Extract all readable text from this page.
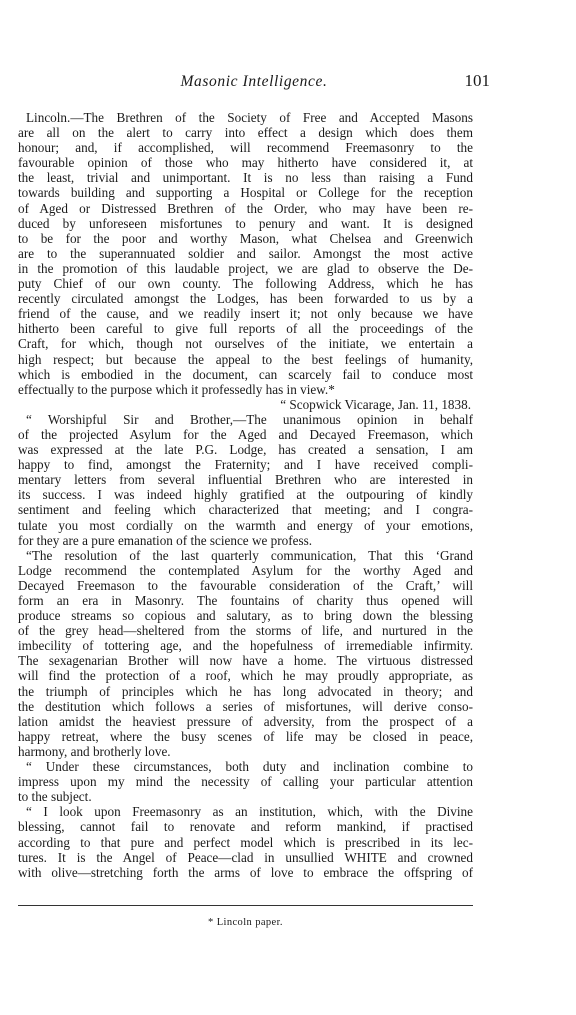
Masonic Intelligence.	101
Lincoln.—The Brethren of the Society of Free and Accepted Masons
are all on the alert to carry into effect a design which does them
honour; and, if accomplished, will recommend Freemasonry to the
favourable opinion of those who may hitherto have considered it, at
the least, trivial and unimportant. It is no less than raising a Fund
towards building and supporting a Hospital or College for the reception
of Aged or Distressed Brethren of the Order, who may have been re-
duced by unforeseen misfortunes to penury and want. It is designed
to be for the poor and worthy Mason, what Chelsea and Greenwich
are to the superannuated soldier and sailor. Amongst the most active
in the promotion of this laudable project, we are glad to observe the De-
puty Chief of our own county. The following Address, which he has
recently circulated amongst the Lodges, has been forwarded to us by a
friend of the cause, and we readily insert it; not only because we have
hitherto been careful to give full reports of all the proceedings of the
Craft, for which, though not ourselves of the initiate, we entertain a
high respect; but because the appeal to the best feelings of humanity,
which is embodied in the document, can scarcely fail to conduce most
effectually to the purpose which it professedly has in view.*
“ Scopwick Vicarage, Jan. 11, 1838.
“ Worshipful Sir and Brother,—The unanimous opinion in behalf
of the projected Asylum for the Aged and Decayed Freemason, which
was expressed at the late P.G. Lodge, has created a sensation, I am
happy to find, amongst the Fraternity; and I have received compli-
mentary letters from several influential Brethren who are interested in
its success. I was indeed highly gratified at the outpouring of kindly
sentiment and feeling which characterized that meeting; and I congra-
tulate you most cordially on the warmth and energy of your emotions,
for they are a pure emanation of the science we profess.
“The resolution of the last quarterly communication, That this ‘Grand
Lodge recommend the contemplated Asylum for the worthy Aged and
Decayed Freemason to the favourable consideration of the Craft,’ will
form an era in Masonry. The fountains of charity thus opened will
produce streams so copious and salutary, as to bring down the blessing
of the grey head—sheltered from the storms of life, and nurtured in the
imbecility of tottering age, and the hopefulness of irremediable infirmity.
The sexagenarian Brother will now have a home. The virtuous distressed
will find the protection of a roof, which he may proudly appropriate, as
the triumph of principles which he has long advocated in theory; and
the destitution which follows a series of misfortunes, will derive conso-
lation amidst the heaviest pressure of adversity, from the prospect of a
happy retreat, where the busy scenes of life may be closed in peace,
harmony, and brotherly love.
“ Under these circumstances, both duty and inclination combine to
impress upon my mind the necessity of calling your particular attention
to the subject.
“ I look upon Freemasonry as an institution, which, with the Divine
blessing, cannot fail to renovate and reform mankind, if practised
according to that pure and perfect model which is prescribed in its lec-
tures. It is the Angel of Peace—clad in unsullied WHITE and crowned
with olive—stretching forth the arms of love to embrace the offspring of
* Lincoln paper.
